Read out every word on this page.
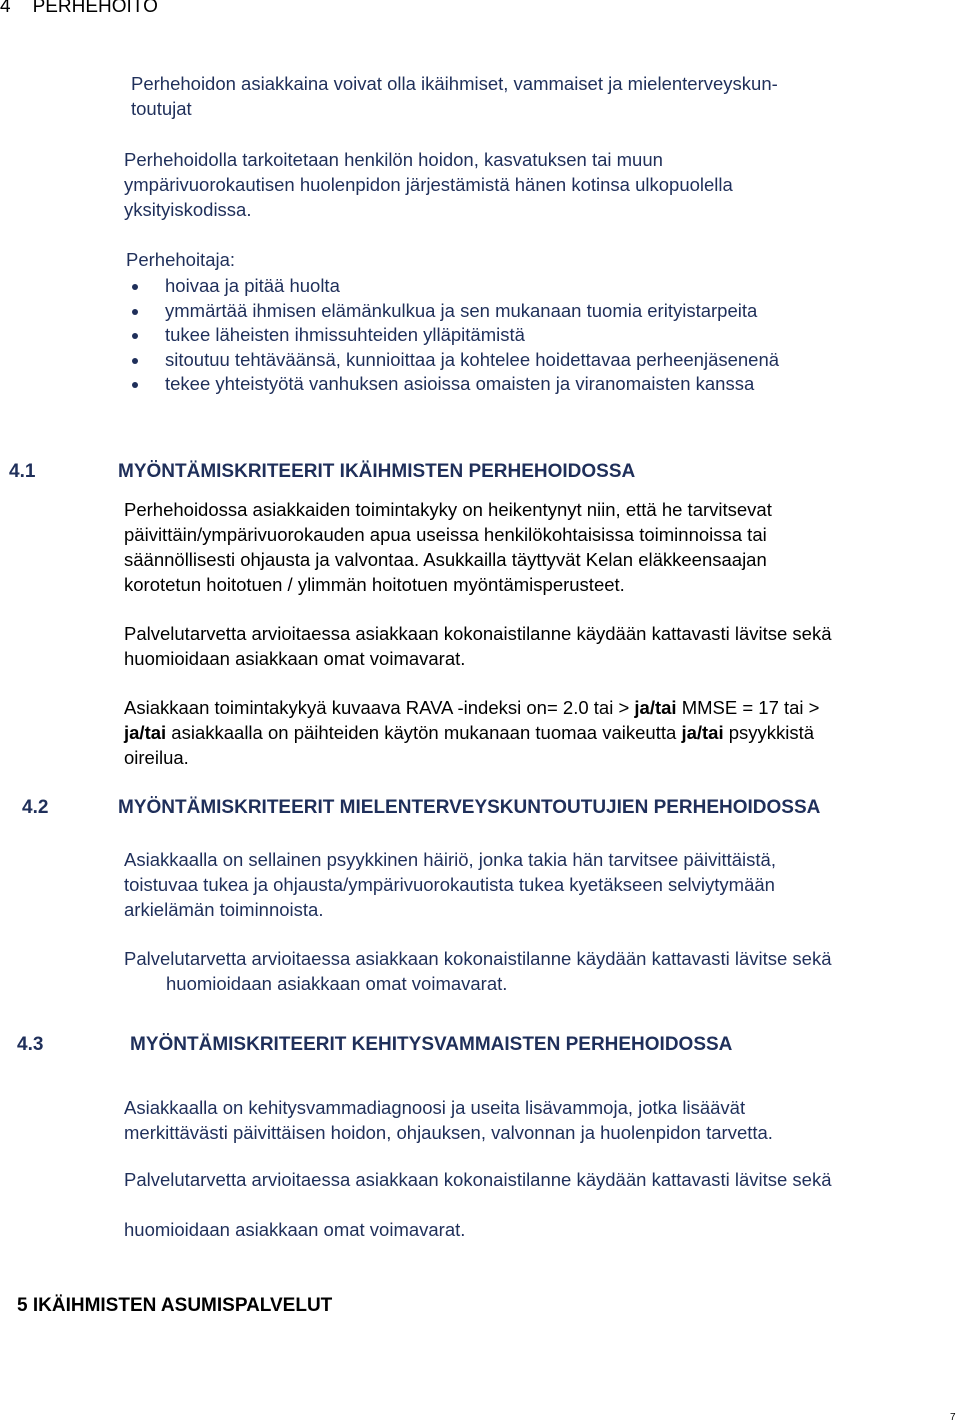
4 PERHEHOITO
Perhehoidon asiakkaina voivat olla ikäihmiset, vammaiset ja mielenterveyskun-
toutujat
Perhehoidolla tarkoitetaan henkilön hoidon, kasvatuksen tai muun
ympärivuorokautisen huolenpidon järjestämistä hänen kotinsa ulkopuolella
yksityiskodissa.
Perhehoitaja:
hoivaa ja pitää huolta
ymmärtää ihmisen elämänkulkua ja sen mukanaan tuomia erityistarpeita
tukee läheisten ihmissuhteiden ylläpitämistä
sitoutuu tehtäväänsä, kunnioittaa ja kohtelee hoidettavaa perheenjäsenenä
tekee yhteistyötä vanhuksen asioissa omaisten ja viranomaisten kanssa
4.1	MYÖNTÄMISKRITEERIT IKÄIHMISTEN PERHEHOIDOSSA
Perhehoidossa asiakkaiden toimintakyky on heikentynyt niin, että he tarvitsevat
päivittäin/ympärivuorokauden apua useissa henkilökohtaisissa toiminnoissa tai
säännöllisesti ohjausta ja valvontaa. Asukkailla täyttyvät Kelan eläkkeensaajan
korotetun hoitotuen / ylimmän hoitotuen myöntämisperusteet.
Palvelutarvetta arvioitaessa asiakkaan kokonaistilanne käydään kattavasti lävitse sekä
huomioidaan asiakkaan omat voimavarat.
Asiakkaan toimintakykyä kuvaava RAVA -indeksi on= 2.0 tai > ja/tai MMSE = 17 tai >
ja/tai asiakkaalla on päihteiden käytön mukanaan tuomaa vaikeutta ja/tai psyykkistä
oireilua.
4.2	MYÖNTÄMISKRITEERIT MIELENTERVEYSKUNTOUTUJIEN PERHEHOIDOSSA
Asiakkaalla on sellainen psyykkinen häiriö, jonka takia hän tarvitsee päivittäistä,
toistuvaa tukea ja ohjausta/ympärivuorokautista tukea kyetäkseen selviytymään
arkielämän toiminnoista.
Palvelutarvetta arvioitaessa asiakkaan kokonaistilanne käydään kattavasti lävitse sekä
huomioidaan asiakkaan omat voimavarat.
4.3	MYÖNTÄMISKRITEERIT KEHITYSVAMMAISTEN PERHEHOIDOSSA
Asiakkaalla on kehitysvammadiagnoosi ja useita lisävammoja, jotka lisäävät
merkittävästi päivittäisen hoidon, ohjauksen, valvonnan ja huolenpidon tarvetta.
Palvelutarvetta arvioitaessa asiakkaan kokonaistilanne käydään kattavasti lävitse sekä
huomioidaan asiakkaan omat voimavarat.
5 IKÄIHMISTEN ASUMISPALVELUT
7
